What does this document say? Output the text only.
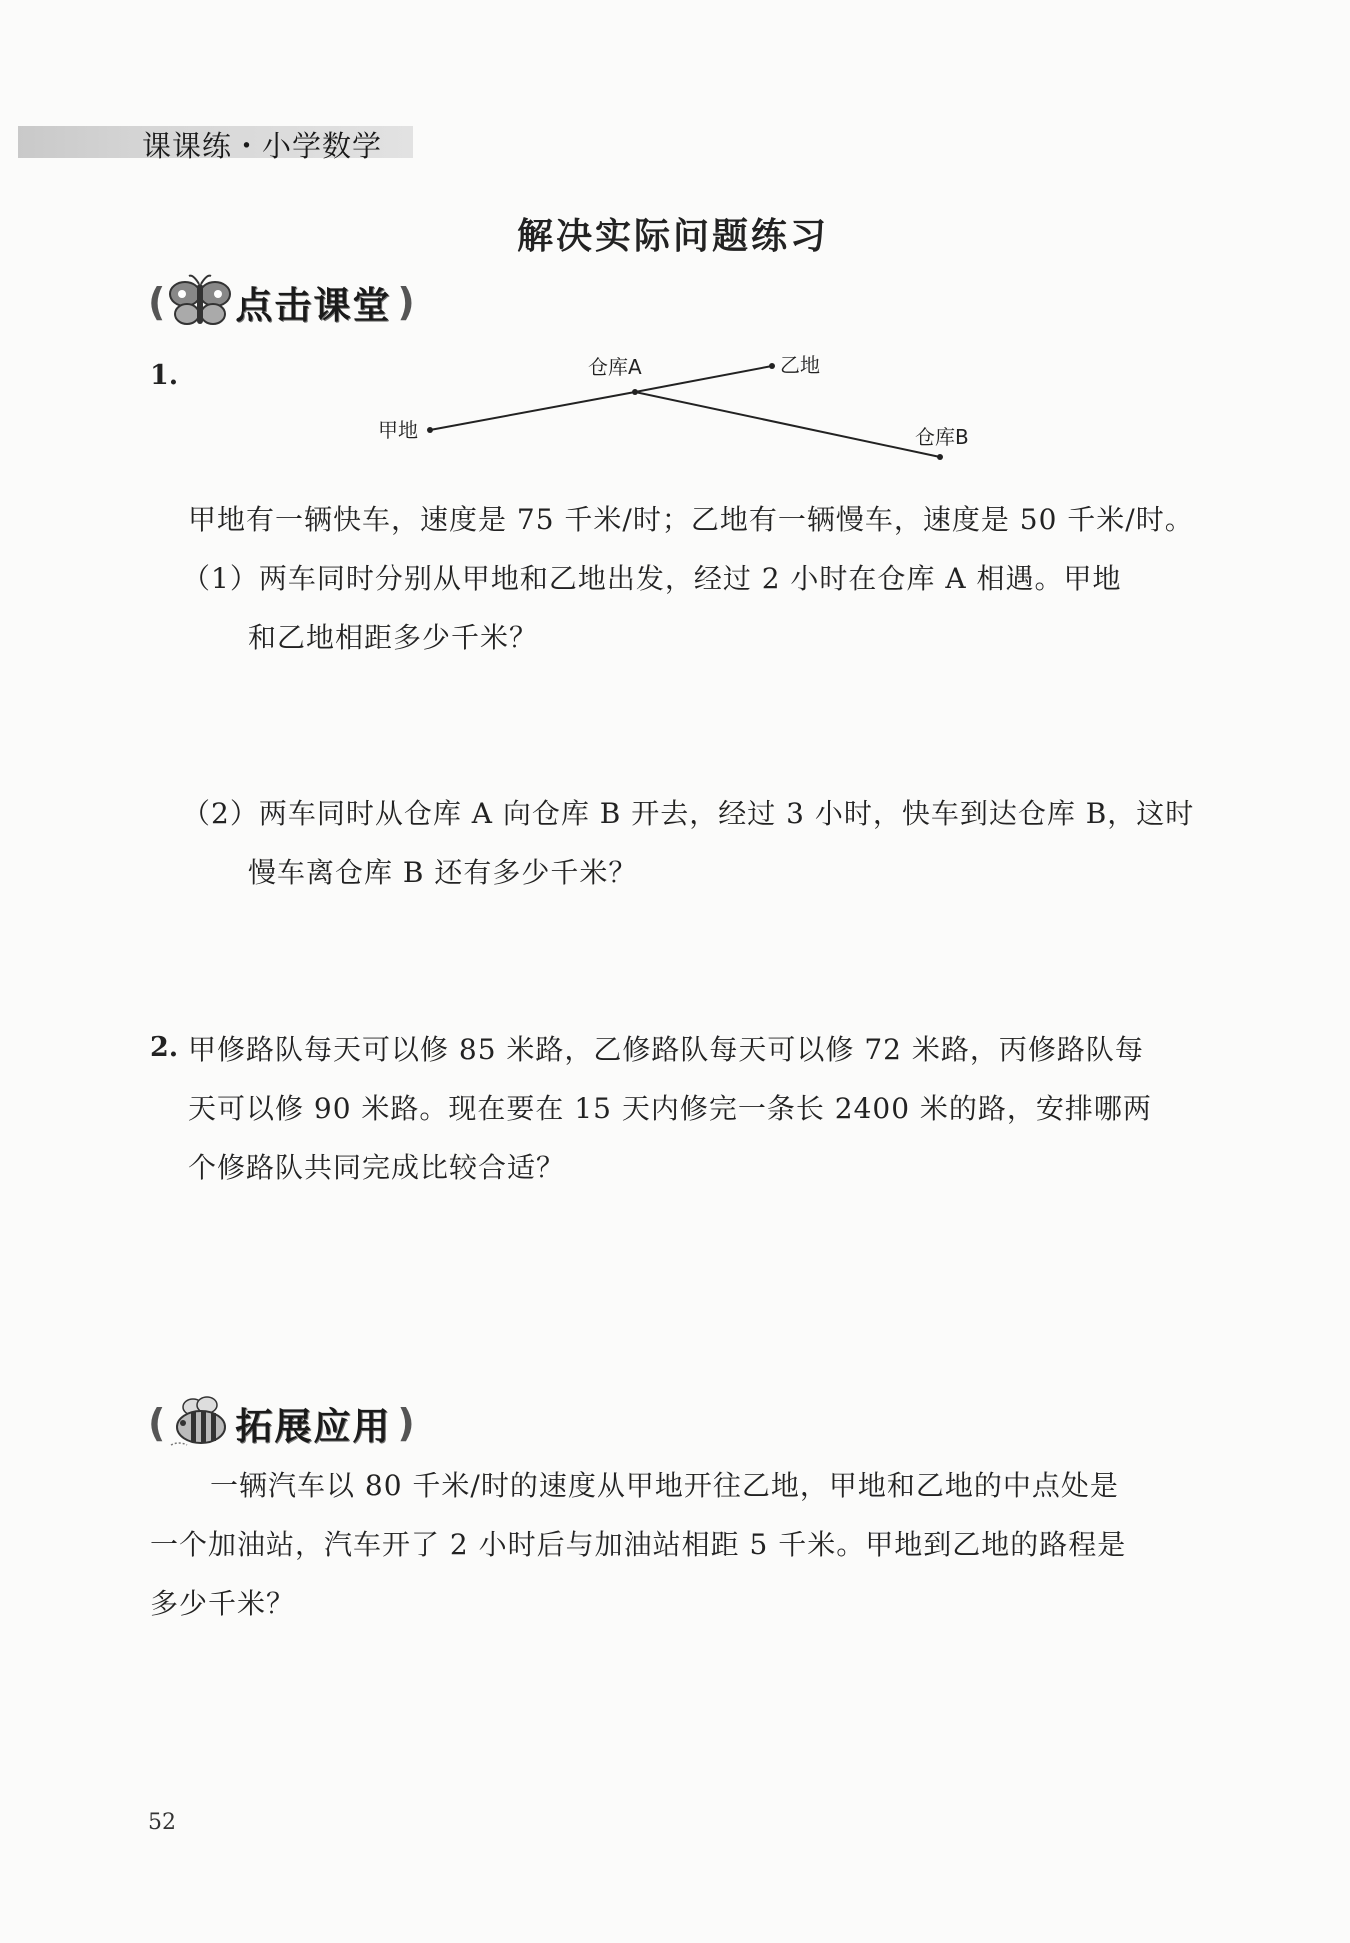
课课练・小学数学
解决实际问题练习
( 点击课堂 )
1.
甲地
仓库A	乙地
仓库B
甲地有一辆快车，速度是 75 千米/时；乙地有一辆慢车，速度是 50 千米/时。
（1）两车同时分别从甲地和乙地出发，经过 2 小时在仓库 A 相遇。甲地
和乙地相距多少千米？
（2）两车同时从仓库 A 向仓库 B 开去，经过 3 小时，快车到达仓库 B，这时
慢车离仓库 B 还有多少千米？
2. 甲修路队每天可以修 85 米路，乙修路队每天可以修 72 米路，丙修路队每
天可以修 90 米路。现在要在 15 天内修完一条长 2400 米的路，安排哪两
个修路队共同完成比较合适？
( 拓展应用 )
一辆汽车以 80 千米/时的速度从甲地开往乙地，甲地和乙地的中点处是
一个加油站，汽车开了 2 小时后与加油站相距 5 千米。甲地到乙地的路程是
多少千米？
52
